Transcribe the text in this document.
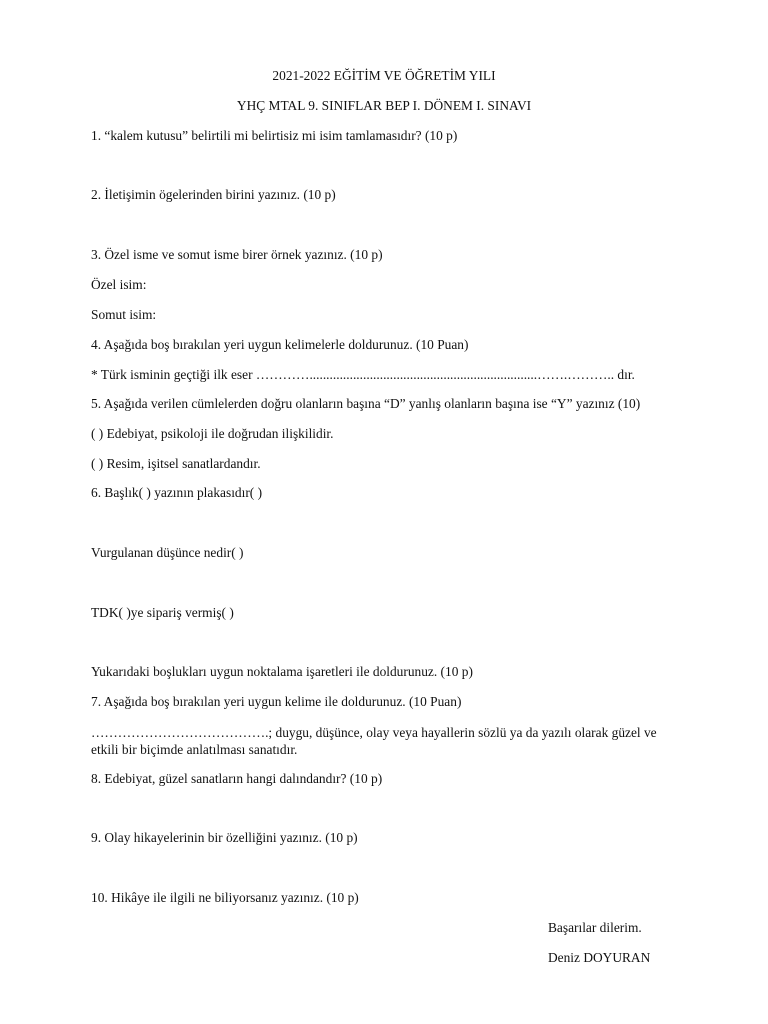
2021-2022 EĞİTİM VE ÖĞRETİM YILI
YHÇ MTAL 9. SINIFLAR BEP I. DÖNEM I. SINAVI
1. “kalem kutusu” belirtili mi belirtisiz mi isim tamlamasıdır? (10 p)
2. İletişimin ögelerinden birini yazınız. (10 p)
3. Özel isme ve somut isme birer örnek yazınız. (10 p)
Özel isim:
Somut isim:
4. Aşağıda boş bırakılan yeri uygun kelimelerle doldurunuz. (10 Puan)
* Türk isminin geçtiği ilk eser …………....................................................................…….……….. dır.
5. Aşağıda verilen cümlelerden doğru olanların başına “D” yanlış olanların başına ise “Y” yazınız (10)
( ) Edebiyat, psikoloji ile doğrudan ilişkilidir.
( ) Resim, işitsel sanatlardandır.
6. Başlık( ) yazının plakasıdır( )
Vurgulanan düşünce nedir( )
TDK( )ye sipariş vermiş( )
Yukarıdaki boşlukları uygun noktalama işaretleri ile doldurunuz. (10 p)
7. Aşağıda boş bırakılan yeri uygun kelime ile doldurunuz. (10 Puan)
………………………………….; duygu, düşünce, olay veya hayallerin sözlü ya da yazılı olarak güzel ve etkili bir biçimde anlatılması sanatıdır.
8. Edebiyat, güzel sanatların hangi dalındandır? (10 p)
9. Olay hikayelerinin bir özelliğini yazınız. (10 p)
10. Hikâye ile ilgili ne biliyorsanız yazınız. (10 p)
Başarılar dilerim.
Deniz DOYURAN
